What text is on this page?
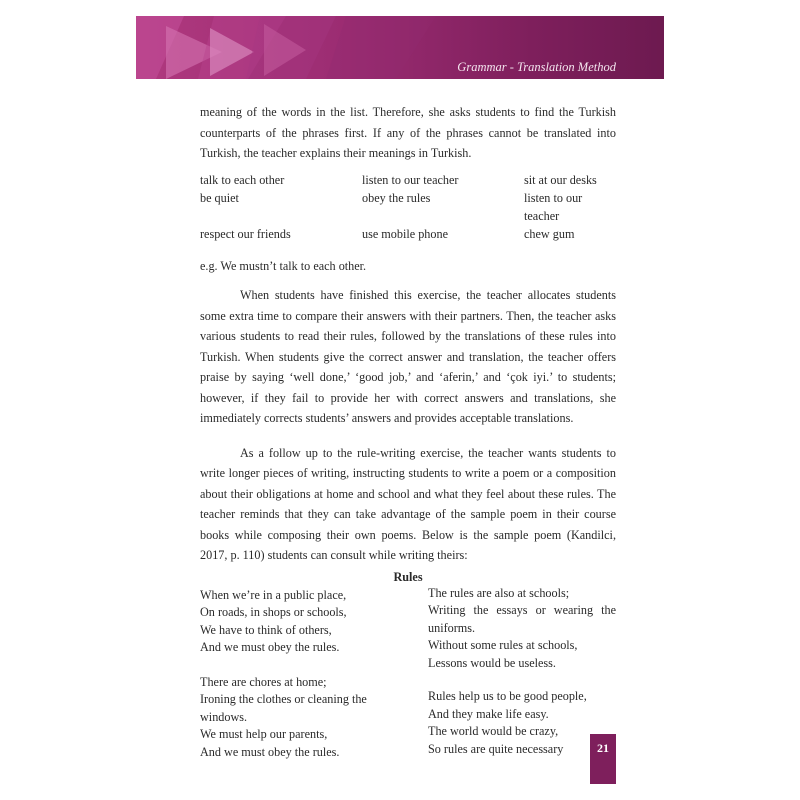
Grammar - Translation Method

meaning of the words in the list. Therefore, she asks students to find the Turkish counterparts of the phrases first. If any of the phrases cannot be translated into Turkish, the teacher explains their meanings in Turkish.

talk to each other	listen to our teacher	sit at our desks
be quiet	obey the rules	listen to our teacher
respect our friends	use mobile phone	chew gum

e.g. We mustn’t talk to each other.

When students have finished this exercise, the teacher allocates students some extra time to compare their answers with their partners. Then, the teacher asks various students to read their rules, followed by the translations of these rules into Turkish. When students give the correct answer and translation, the teacher offers praise by saying ‘well done,’ ‘good job,’ and ‘aferin,’ and ‘çok iyi.’ to students; however, if they fail to provide her with correct answers and translations, she immediately corrects students’ answers and provides acceptable translations.

As a follow up to the rule-writing exercise, the teacher wants students to write longer pieces of writing, instructing students to write a poem or a composition about their obligations at home and school and what they feel about these rules. The teacher reminds that they can take advantage of the sample poem in their course books while composing their own poems. Below is the sample poem (Kandilci, 2017, p. 110) students can consult while writing theirs:

Rules
When we’re in a public place,
On roads, in shops or schools,
We have to think of others,
And we must obey the rules.
There are chores at home;
Ironing the clothes or cleaning the windows.
We must help our parents,
And we must obey the rules.
The rules are also at schools;
Writing the essays or wearing the
uniforms.
Without some rules at schools,
Lessons would be useless.
Rules help us to be good people,
And they make life easy.
The world would be crazy,
So rules are quite necessary	21
